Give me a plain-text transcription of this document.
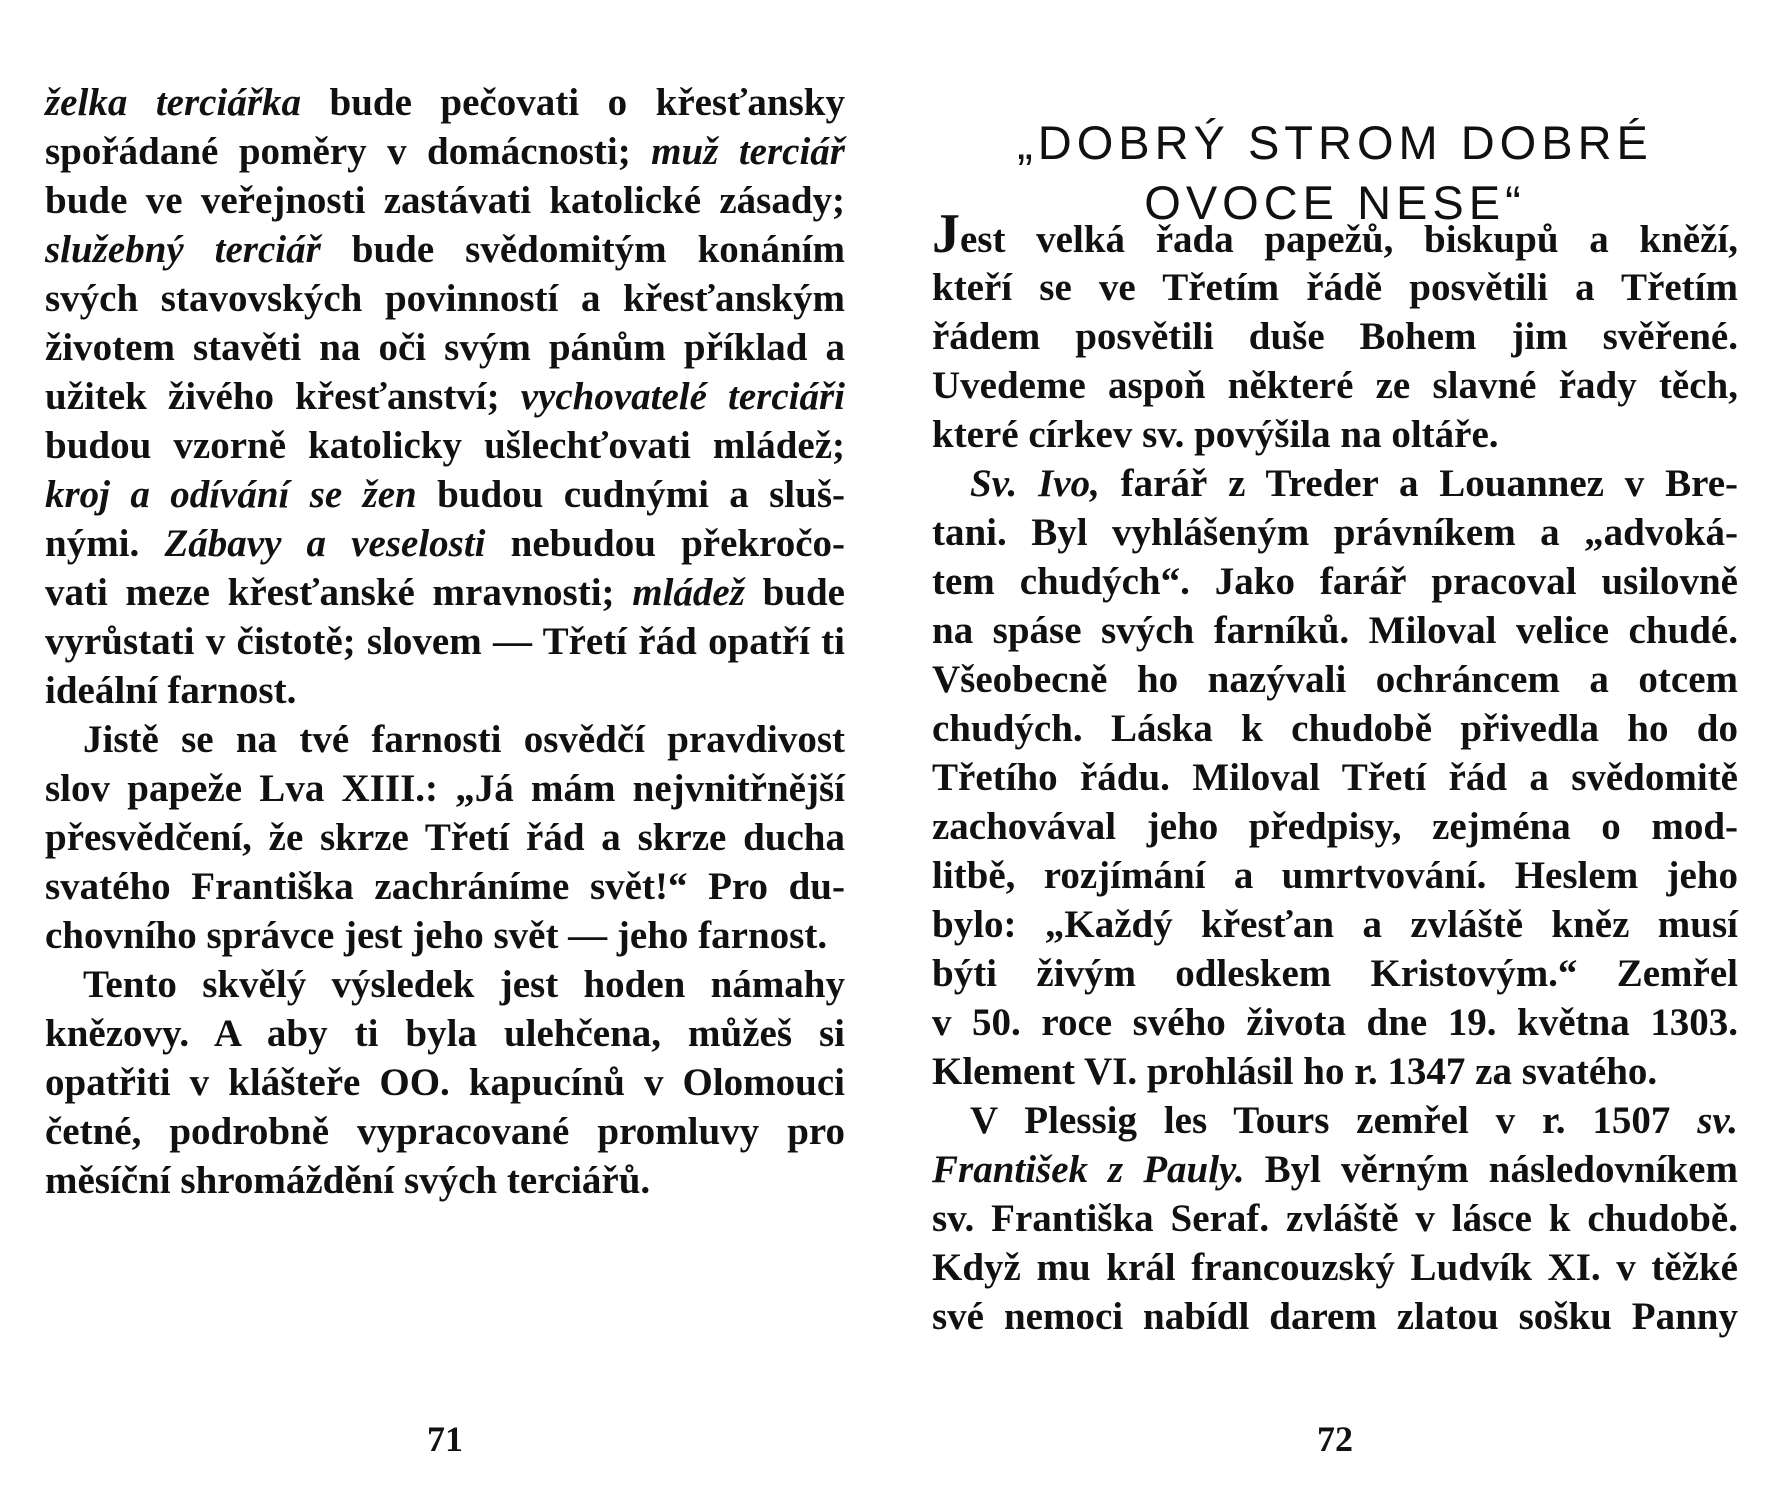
želka terciářka bude pečovati o křesťansky
spořádané poměry v domácnosti; muž terciář
bude ve veřejnosti zastávati katolické zásady;
služebný terciář bude svědomitým konáním
svých stavovských povinností a křesťanským
životem stavěti na oči svým pánům příklad a
užitek živého křesťanství; vychovatelé terciáři
budou vzorně katolicky ušlechťovati mládež;
kroj a odívání se žen budou cudnými a sluš-
nými. Zábavy a veselosti nebudou překročo-
vati meze křesťanské mravnosti; mládež bude
vyrůstati v čistotě; slovem — Třetí řád opatří ti
ideální farnost.
Jistě se na tvé farnosti osvědčí pravdivost
slov papeže Lva XIII.: „Já mám nejvnitřnější
přesvědčení, že skrze Třetí řád a skrze ducha
svatého Františka zachráníme svět!“ Pro du-
chovního správce jest jeho svět — jeho farnost.
Tento skvělý výsledek jest hoden námahy
knězovy. A aby ti byla ulehčena, můžeš si
opatřiti v klášteře OO. kapucínů v Olomouci
četné, podrobně vypracované promluvy pro
měsíční shromáždění svých terciářů.
71
„DOBRÝ STROM DOBRÉ
OVOCE NESE“
Jest velká řada papežů, biskupů a kněží,
kteří se ve Třetím řádě posvětili a Třetím
řádem posvětili duše Bohem jim svěřené.
Uvedeme aspoň některé ze slavné řady těch,
které církev sv. povýšila na oltáře.
Sv. Ivo, farář z Treder a Louannez v Bre-
tani. Byl vyhlášeným právníkem a „advoká-
tem chudých“. Jako farář pracoval usilovně
na spáse svých farníků. Miloval velice chudé.
Všeobecně ho nazývali ochráncem a otcem
chudých. Láska k chudobě přivedla ho do
Třetího řádu. Miloval Třetí řád a svědomitě
zachovával jeho předpisy, zejména o mod-
litbě, rozjímání a umrtvování. Heslem jeho
bylo: „Každý křesťan a zvláště kněz musí
býti živým odleskem Kristovým.“ Zemřel
v 50. roce svého života dne 19. května 1303.
Klement VI. prohlásil ho r. 1347 za svatého.
V Plessig les Tours zemřel v r. 1507 sv.
František z Pauly. Byl věrným následovníkem
sv. Františka Seraf. zvláště v lásce k chudobě.
Když mu král francouzský Ludvík XI. v těžké
své nemoci nabídl darem zlatou sošku Panny
72
